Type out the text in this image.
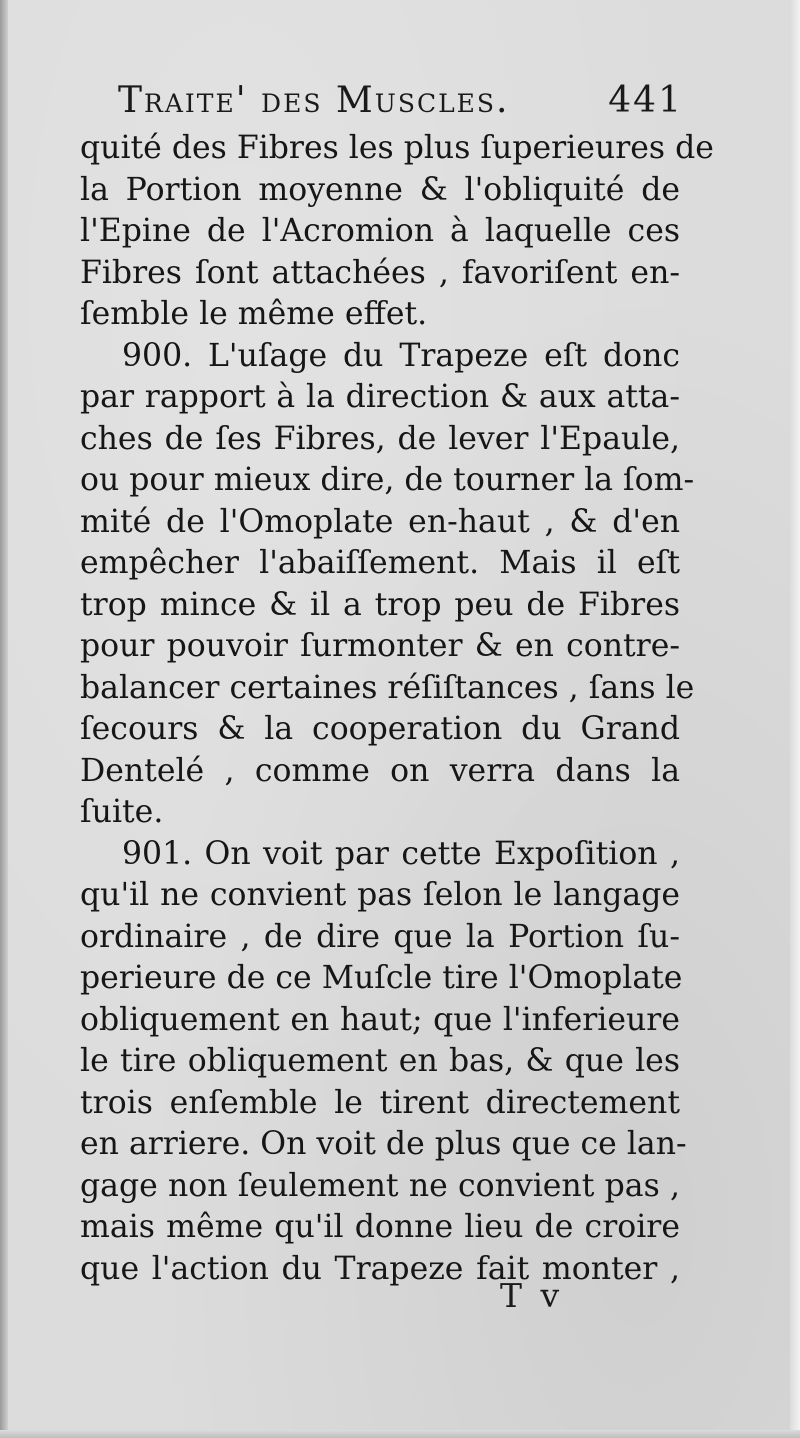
Traite' des Muscles.	441
quité des Fibres les plus ſuperieures de
la Portion moyenne & l'obliquité de
l'Epine de l'Acromion à laquelle ces
Fibres ſont attachées , favoriſent en-
ſemble le même effet.
900. L'uſage du Trapeze eſt donc
par rapport à la direction & aux atta-
ches de ſes Fibres, de lever l'Epaule,
ou pour mieux dire, de tourner la ſom-
mité de l'Omoplate en-haut , & d'en
empêcher l'abaiſſement. Mais il eſt
trop mince & il a trop peu de Fibres
pour pouvoir ſurmonter & en contre-
balancer certaines réſiſtances , ſans le
ſecours & la cooperation du Grand
Dentelé , comme on verra dans la
ſuite.
901. On voit par cette Expoſition ,
qu'il ne convient pas ſelon le langage
ordinaire , de dire que la Portion ſu-
perieure de ce Muſcle tire l'Omoplate
obliquement en haut; que l'inferieure
le tire obliquement en bas, & que les
trois enſemble le tirent directement
en arriere. On voit de plus que ce lan-
gage non ſeulement ne convient pas ,
mais même qu'il donne lieu de croire
que l'action du Trapeze fait monter ,
T v
